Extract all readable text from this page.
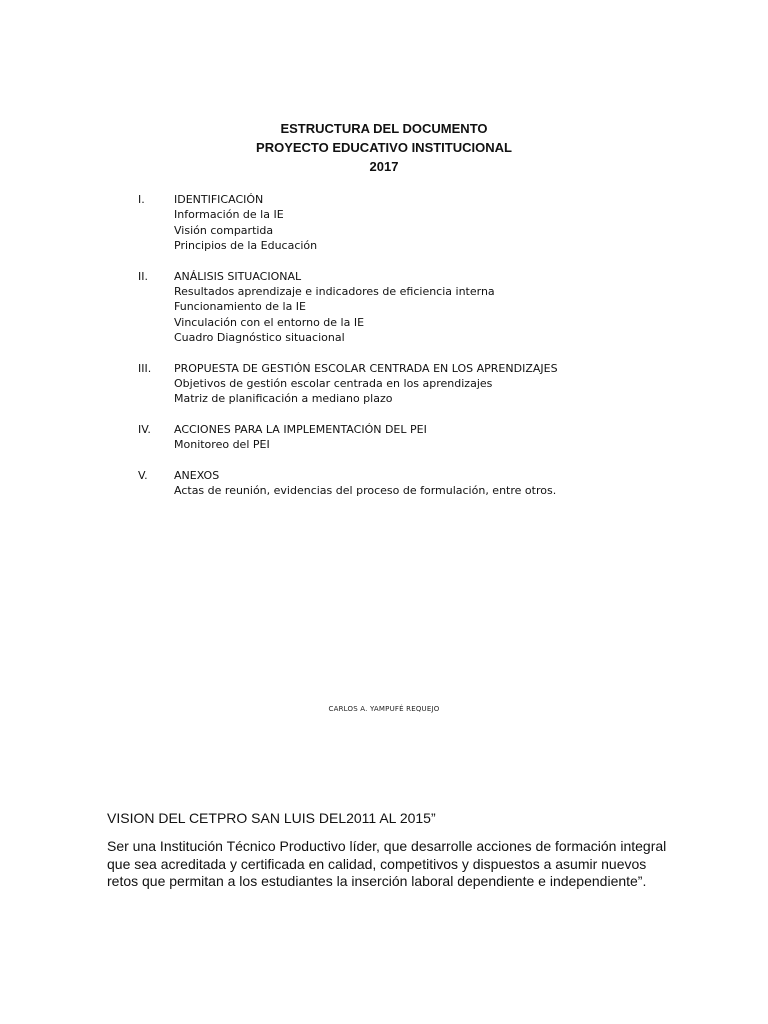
ESTRUCTURA DEL DOCUMENTO
PROYECTO EDUCATIVO INSTITUCIONAL
2017
I.	IDENTIFICACIÓN
Información de la IE
Visión compartida
Principios de la Educación
II.	ANÁLISIS SITUACIONAL
Resultados aprendizaje e indicadores de eficiencia interna
Funcionamiento de la IE
Vinculación con el entorno de la IE
Cuadro Diagnóstico situacional
III.	PROPUESTA DE GESTIÓN ESCOLAR CENTRADA EN LOS APRENDIZAJES
Objetivos de gestión escolar centrada en los aprendizajes
Matriz de planificación a mediano plazo
IV.	ACCIONES PARA LA IMPLEMENTACIÓN DEL PEI
Monitoreo del PEI
V.	ANEXOS
Actas de reunión, evidencias del proceso de formulación, entre otros.
CARLOS A. YAMPUFÉ REQUEJO
VISION DEL CETPRO SAN LUIS DEL2011 AL 2015”
Ser una Institución Técnico Productivo líder, que desarrolle acciones de formación integral que sea acreditada y certificada en calidad, competitivos y dispuestos a asumir nuevos retos que permitan a los estudiantes la inserción laboral dependiente e independiente”.
